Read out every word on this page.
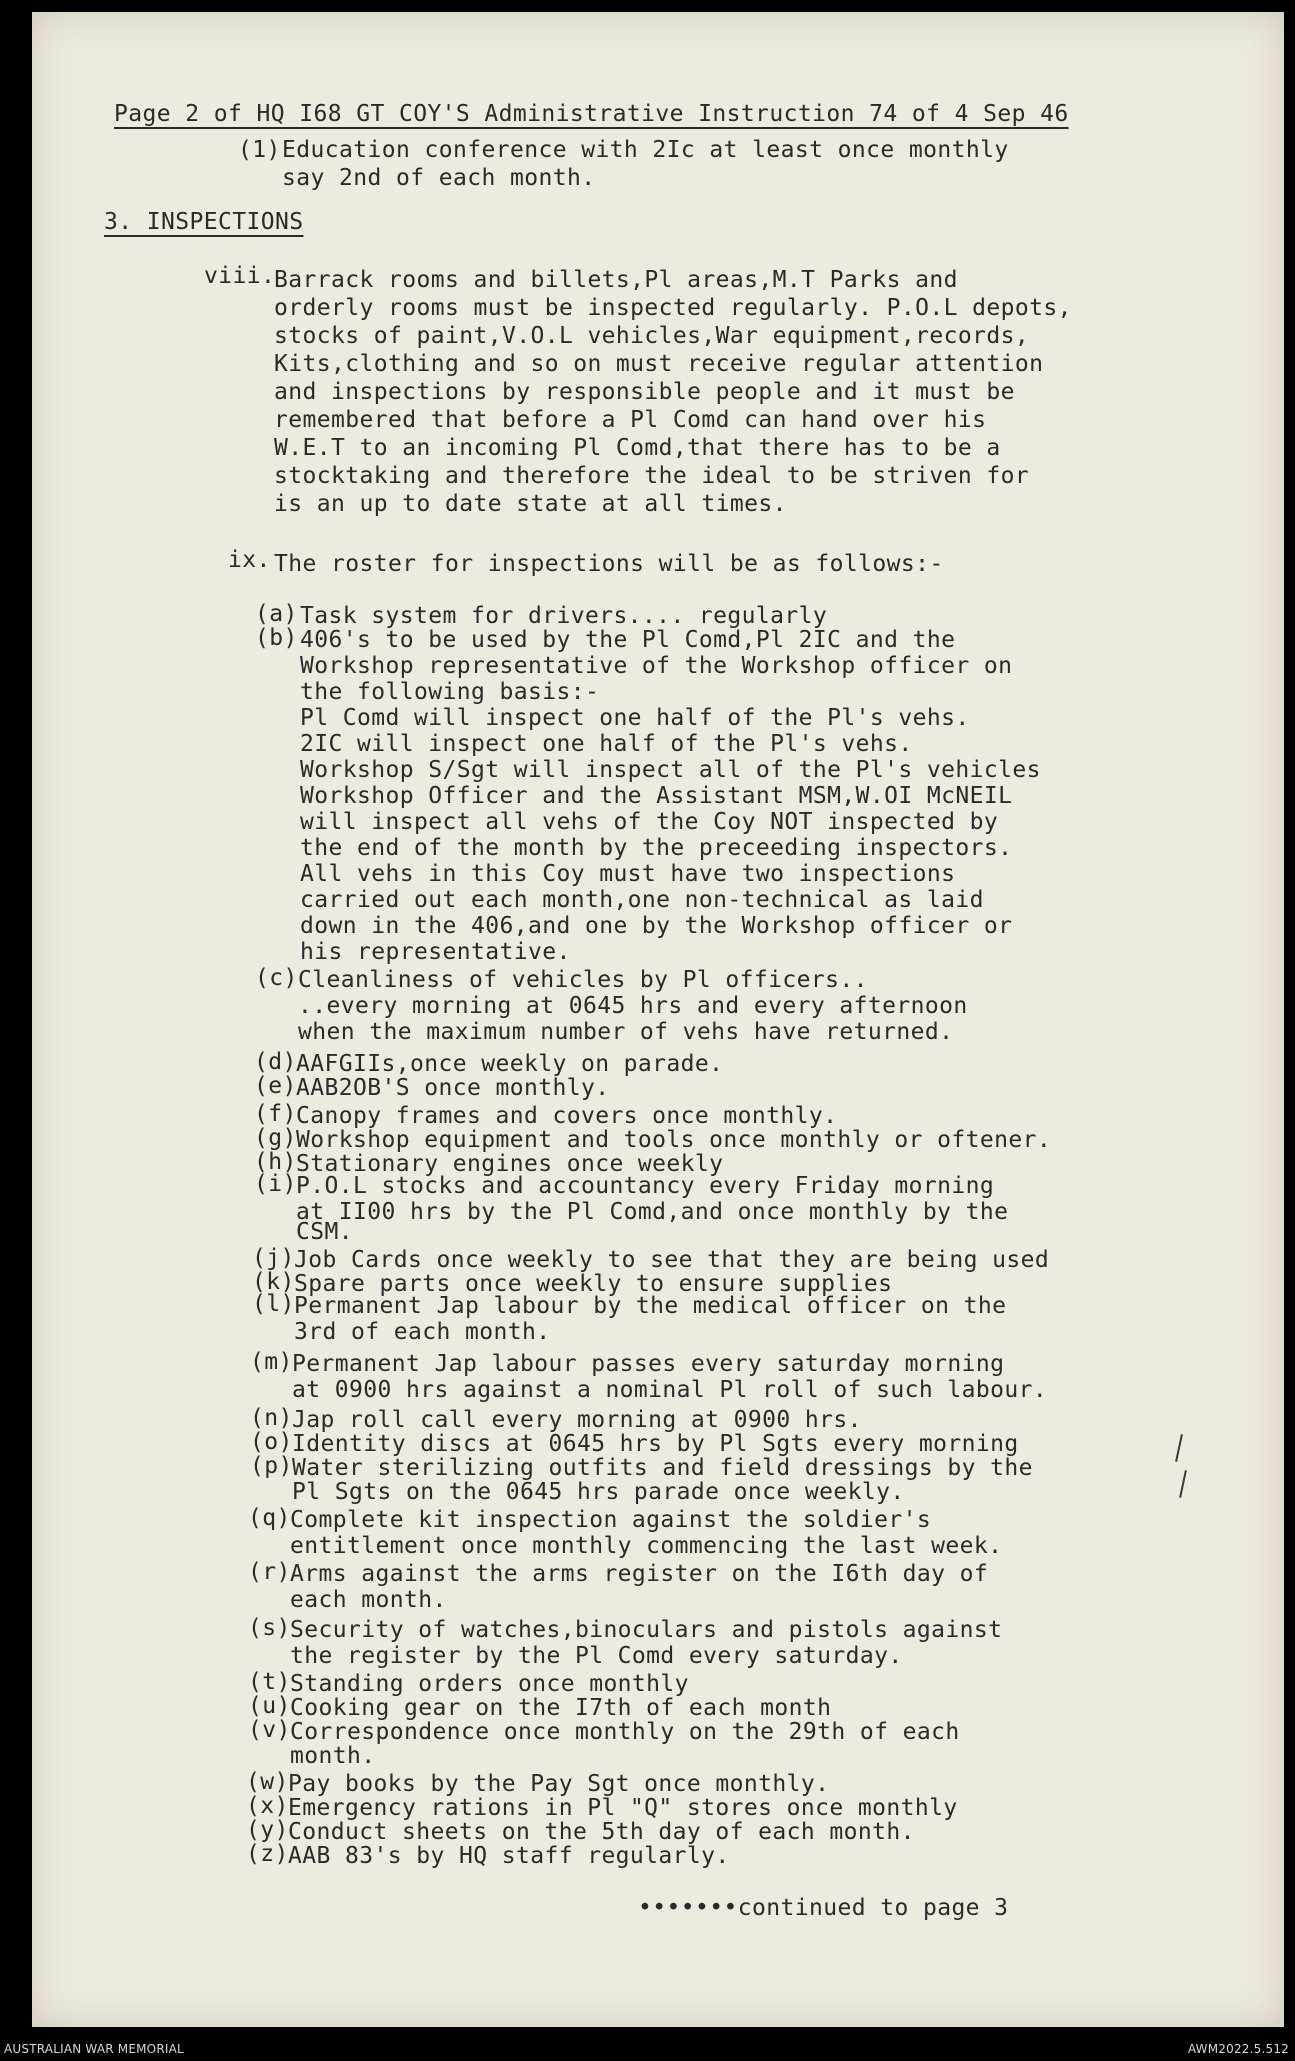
Page 2 of HQ I68 GT COY'S Administrative Instruction 74 of 4 Sep 46
(1) Education conference with 2Ic at least once monthly
say 2nd of each month.
3. INSPECTIONS
viii.
Barrack rooms and billets,Pl areas,M.T Parks and
orderly rooms must be inspected regularly. P.O.L depots,
stocks of paint,V.O.L vehicles,War equipment,records,
Kits,clothing and so on must receive regular attention
and inspections by responsible people and it must be
remembered that before a Pl Comd can hand over his
W.E.T to an incoming Pl Comd,that there has to be a
stocktaking and therefore the ideal to be striven for
is an up to date state at all times.
ix. The roster for inspections will be as follows:-
(a)
(b)
(c)
(d)
(e)
(f)
(g)
(h)
(i)
(j)
(k)
(l)
(m)
(n)
(o)
(p)
(q)
(r)
(s)
(t)
(u)
(v)
(w)
(x)
(y)
(z)
Task system for drivers.... regularly
406's to be used by the Pl Comd,Pl 2IC and the
Workshop representative of the Workshop officer on
the following basis:-
Pl Comd will inspect one half of the Pl's vehs.
2IC will inspect one half of the Pl's vehs.
Workshop S/Sgt will inspect all of the Pl's vehicles
Workshop Officer and the Assistant MSM,W.OI McNEIL
will inspect all vehs of the Coy NOT inspected by
the end of the month by the preceeding inspectors.
All vehs in this Coy must have two inspections
carried out each month,one non-technical as laid
down in the 406,and one by the Workshop officer or
his representative.
Cleanliness of vehicles by Pl officers..
..every morning at 0645 hrs and every afternoon
when the maximum number of vehs have returned.
AAFGIIs,once weekly on parade.
AAB2OB'S once monthly.
Canopy frames and covers once monthly.
Workshop equipment and tools once monthly or oftener.
Stationary engines once weekly
P.O.L stocks and accountancy every Friday morning
at II00 hrs by the Pl Comd,and once monthly by the
CSM.
Job Cards once weekly to see that they are being used
Spare parts once weekly to ensure supplies
Permanent Jap labour by the medical officer on the
3rd of each month.
Permanent Jap labour passes every saturday morning
at 0900 hrs against a nominal Pl roll of such labour.
Jap roll call every morning at 0900 hrs.
Identity discs at 0645 hrs by Pl Sgts every morning
Water sterilizing outfits and field dressings by the
Pl Sgts on the 0645 hrs parade once weekly.
Complete kit inspection against the soldier's
entitlement once monthly commencing the last week.
Arms against the arms register on the I6th day of
each month.
Security of watches,binoculars and pistols against
the register by the Pl Comd every saturday.
Standing orders once monthly
Cooking gear on the I7th of each month
Correspondence once monthly on the 29th of each
month.
Pay books by the Pay Sgt once monthly.
Emergency rations in Pl "Q" stores once monthly
Conduct sheets on the 5th day of each month.
AAB 83's by HQ staff regularly.
•••••••continued to page 3
AUSTRALIAN WAR MEMORIAL	AWM2022.5.512
